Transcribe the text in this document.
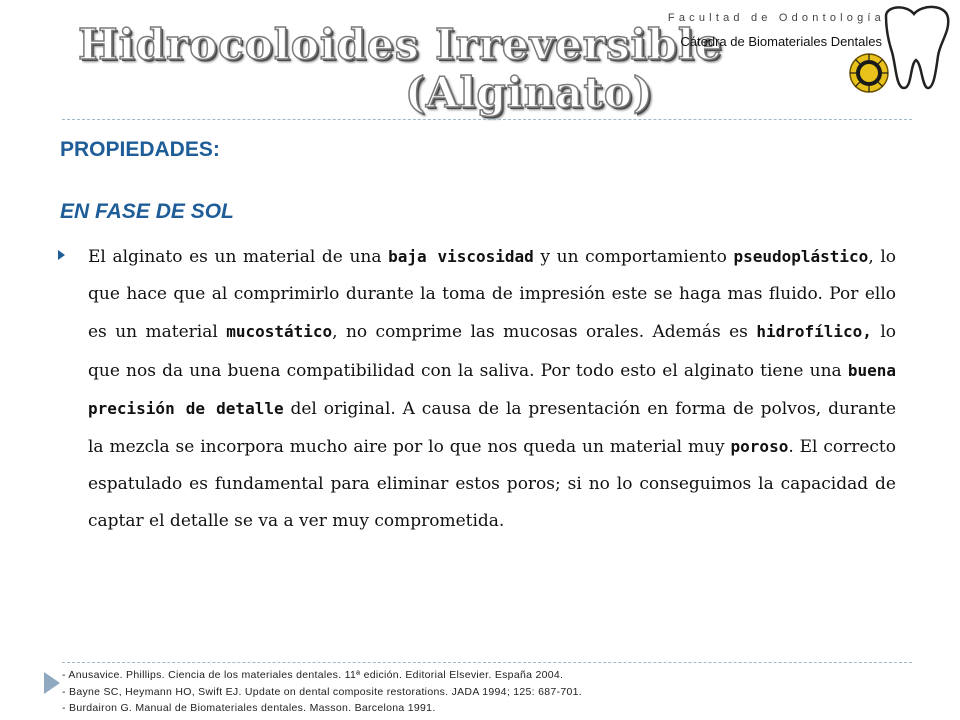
Hidrocoloides Irreversible
(Alginato)
Facultad de Odontología
Cátedra de Biomateriales Dentales
PROPIEDADES:
EN FASE DE SOL
El alginato es un material de una baja viscosidad y un comportamiento pseudoplástico, lo que hace que al comprimirlo durante la toma de impresión este se haga mas fluido. Por ello es un material mucostático, no comprime las mucosas orales. Además es hidrofílico, lo que nos da una buena compatibilidad con la saliva. Por todo esto el alginato tiene una buena precisión de detalle del original. A causa de la presentación en forma de polvos, durante la mezcla se incorpora mucho aire por lo que nos queda un material muy poroso. El correcto espatulado es fundamental para eliminar estos poros; si no lo conseguimos la capacidad de captar el detalle se va a ver muy comprometida.
- Anusavice. Phillips. Ciencia de los materiales dentales. 11ª edición. Editorial Elsevier. España 2004.
- Bayne SC, Heymann HO, Swift EJ. Update on dental composite restorations. JADA 1994; 125: 687-701.
- Burdairon G. Manual de Biomateriales dentales. Masson. Barcelona 1991.
